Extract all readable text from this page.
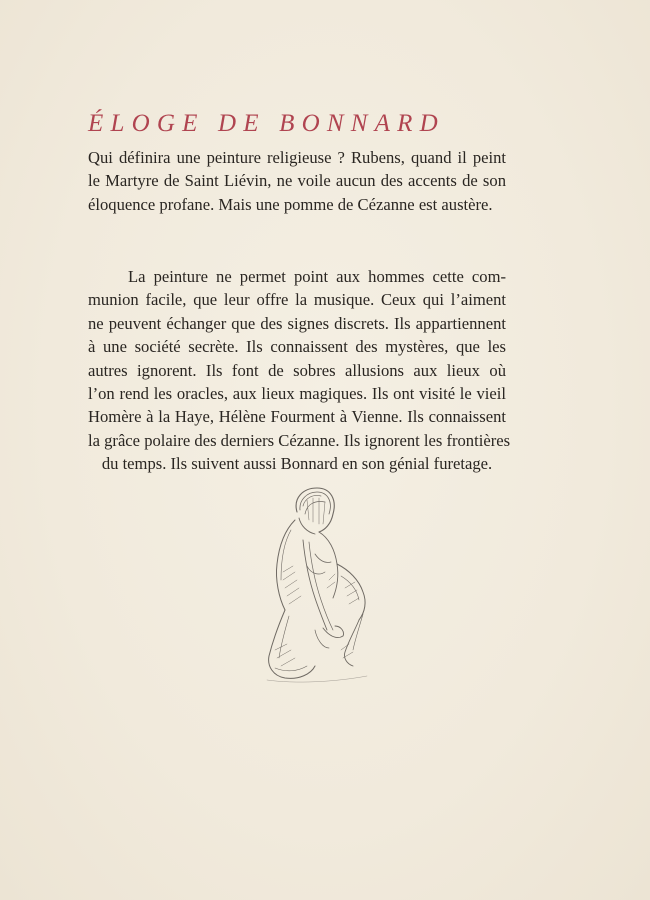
ÉLOGE DE BONNARD
Qui définira une peinture religieuse ? Rubens, quand il peint
le Martyre de Saint Liévin, ne voile aucun des accents de son
éloquence profane. Mais une pomme de Cézanne est austère.
La peinture ne permet point aux hommes cette com-
munion facile, que leur offre la musique. Ceux qui l’aiment
ne peuvent échanger que des signes discrets. Ils appartiennent
à une société secrète. Ils connaissent des mystères, que les
autres ignorent. Ils font de sobres allusions aux lieux où
l’on rend les oracles, aux lieux magiques. Ils ont visité le vieil
Homère à la Haye, Hélène Fourment à Vienne. Ils connaissent
la grâce polaire des derniers Cézanne. Ils ignorent les frontières
du temps. Ils suivent aussi Bonnard en son génial furetage.
